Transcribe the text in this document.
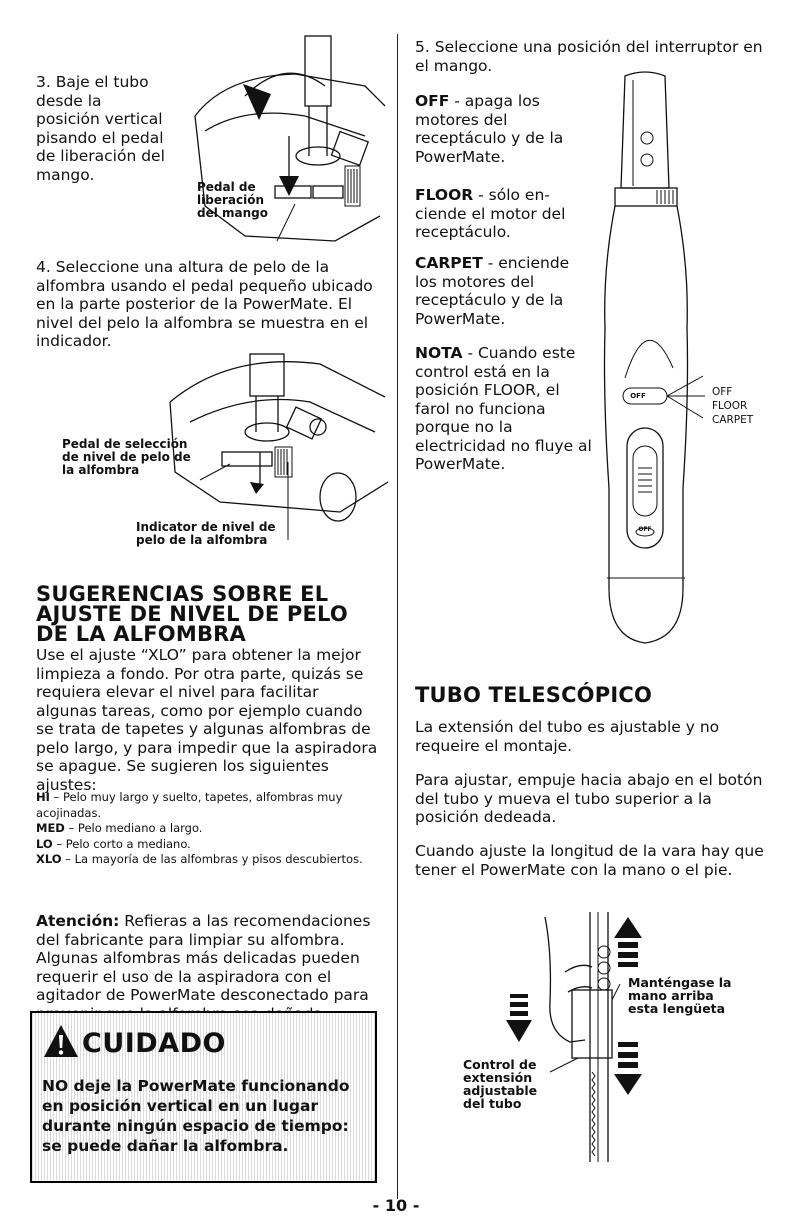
3. Baje el tubo desde la posición vertical pisando el pedal de liberación del mango.
Pedal de liberación del mango
4. Seleccione una altura de pelo de la alfombra usando el pedal pequeño ubicado en la parte posterior de la PowerMate. El nivel del pelo la alfombra se muestra en el indicador.
Pedal de selección de nivel de pelo de la alfombra
Indicator de nivel de pelo de la alfombra
SUGERENCIAS SOBRE EL AJUSTE DE NIVEL DE PELO DE LA ALFOMBRA
Use el ajuste “XLO” para obtener la mejor limpieza a fondo. Por otra parte, quizás se requiera elevar el nivel para facilitar algunas tareas, como por ejemplo cuando se trata de tapetes y algunas alfombras de pelo largo, y para impedir que la aspiradora se apague. Se sugieren los siguientes ajustes:
HI – Pelo muy largo y suelto, tapetes, alfombras muy acojinadas.
MED – Pelo mediano a largo.
LO – Pelo corto a mediano.
XLO – La mayoría de las alfombras y pisos descubiertos.
Atención: Refieras a las recomendaciones del fabricante para limpiar su alfombra. Algunas alfombras más delicadas pueden requerir el uso de la aspiradora con el agitador de PowerMate desconectado para
CUIDADO
NO deje la PowerMate funcionando en posición vertical en un lugar durante ningún espacio de tiempo: se puede dañar la alfombra.
5. Seleccione una posición del interruptor en el mango.
OFF - apaga los motores del receptáculo y de la PowerMate.
FLOOR - sólo en-ciende el motor del receptáculo.
CARPET - enciende los motores del receptáculo y de la PowerMate.
NOTA - Cuando este control está en la posición FLOOR, el farol no funciona porque no la electricidad no fluye al PowerMate.
OFF
OFF
OFF
FLOOR
CARPET
TUBO TELESCÓPICO
La extensión del tubo es ajustable y no requeire el montaje.
Para ajustar, empuje hacia abajo en el botón del tubo y mueva el tubo superior a la posición dedeada.
Cuando ajuste la longitud de la vara hay que tener el PowerMate con la mano o el pie.
Manténgase la mano arriba esta lengüeta
Control de extensión adjustable del tubo
- 10 -
